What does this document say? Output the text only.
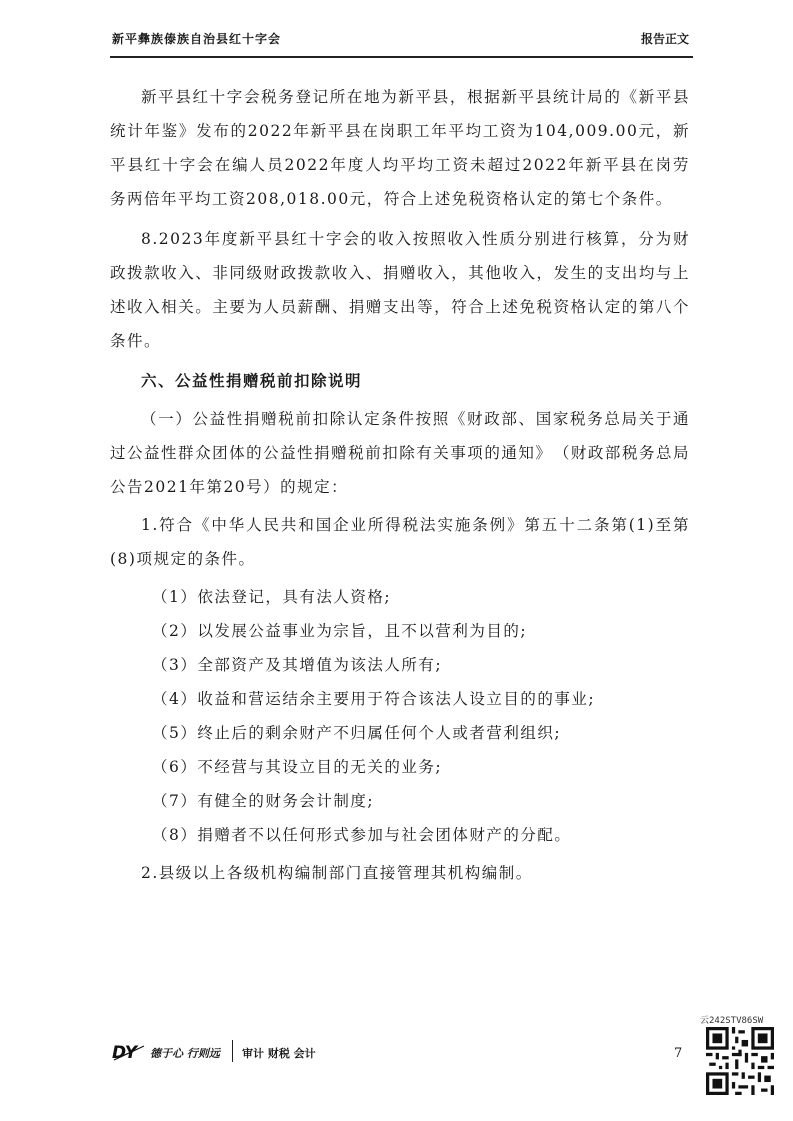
新平彝族傣族自治县红十字会	报告正文

新平县红十字会税务登记所在地为新平县，根据新平县统计局的《新平县统计年鉴》发布的2022年新平县在岗职工年平均工资为104,009.00元，新平县红十字会在编人员2022年度人均平均工资未超过2022年新平县在岗劳务两倍年平均工资208,018.00元，符合上述免税资格认定的第七个条件。

8.2023年度新平县红十字会的收入按照收入性质分别进行核算，分为财政拨款收入、非同级财政拨款收入、捐赠收入，其他收入，发生的支出均与上述收入相关。主要为人员薪酬、捐赠支出等，符合上述免税资格认定的第八个条件。

六、公益性捐赠税前扣除说明

（一）公益性捐赠税前扣除认定条件按照《财政部、国家税务总局关于通过公益性群众团体的公益性捐赠税前扣除有关事项的通知》　（财政部税务总局公告2021年第20号）的规定：

1.符合《中华人民共和国企业所得税法实施条例》第五十二条第(1)至第(8)项规定的条件。

（1）依法登记，具有法人资格;

（2）以发展公益事业为宗旨，且不以营利为目的;

（3）全部资产及其增值为该法人所有;

（4）收益和营运结余主要用于符合该法人设立目的的事业;

（5）终止后的剩余财产不归属任何个人或者营利组织;

（6）不经营与其设立目的无关的业务;

（7）有健全的财务会计制度;

（8）捐赠者不以任何形式参加与社会团体财产的分配。

2.县级以上各级机构编制部门直接管理其机构编制。

云242STV86SW
DY 德于心 行则远 审计 财税 会计	7
